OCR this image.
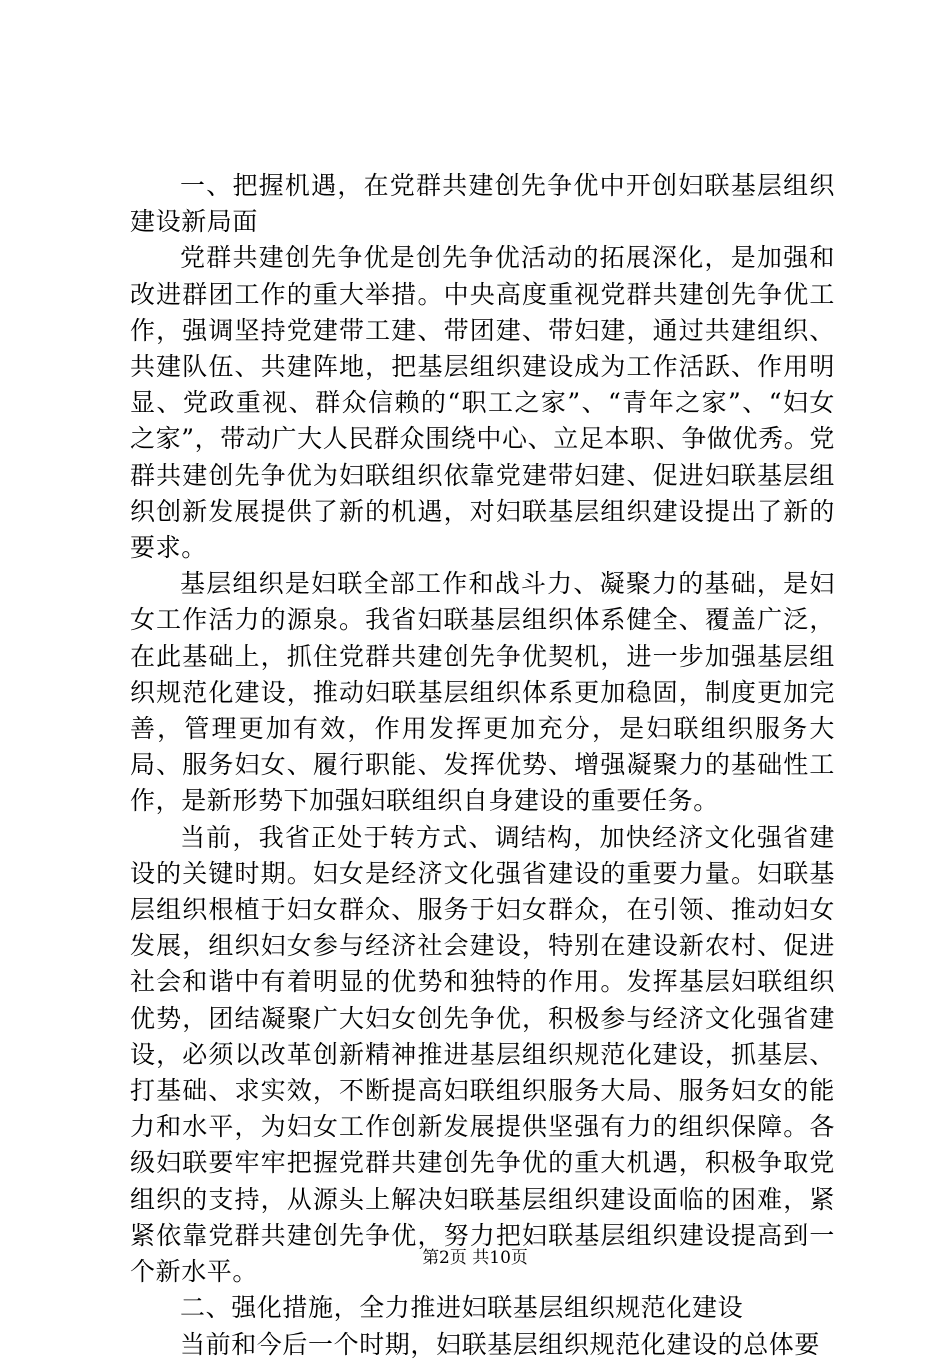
一、把握机遇，在党群共建创先争优中开创妇联基层组织建设新局面

党群共建创先争优是创先争优活动的拓展深化，是加强和改进群团工作的重大举措。中央高度重视党群共建创先争优工作，强调坚持党建带工建、带团建、带妇建，通过共建组织、共建队伍、共建阵地，把基层组织建设成为工作活跃、作用明显、党政重视、群众信赖的“职工之家”、“青年之家”、“妇女之家”，带动广大人民群众围绕中心、立足本职、争做优秀。党群共建创先争优为妇联组织依靠党建带妇建、促进妇联基层组织创新发展提供了新的机遇，对妇联基层组织建设提出了新的要求。

基层组织是妇联全部工作和战斗力、凝聚力的基础，是妇女工作活力的源泉。我省妇联基层组织体系健全、覆盖广泛，在此基础上，抓住党群共建创先争优契机，进一步加强基层组织规范化建设，推动妇联基层组织体系更加稳固，制度更加完善，管理更加有效，作用发挥更加充分，是妇联组织服务大局、服务妇女、履行职能、发挥优势、增强凝聚力的基础性工作，是新形势下加强妇联组织自身建设的重要任务。

当前，我省正处于转方式、调结构，加快经济文化强省建设的关键时期。妇女是经济文化强省建设的重要力量。妇联基层组织根植于妇女群众、服务于妇女群众，在引领、推动妇女发展，组织妇女参与经济社会建设，特别在建设新农村、促进社会和谐中有着明显的优势和独特的作用。发挥基层妇联组织优势，团结凝聚广大妇女创先争优，积极参与经济文化强省建设，必须以改革创新精神推进基层组织规范化建设，抓基层、打基础、求实效，不断提高妇联组织服务大局、服务妇女的能力和水平，为妇女工作创新发展提供坚强有力的组织保障。各级妇联要牢牢把握党群共建创先争优的重大机遇，积极争取党组织的支持，从源头上解决妇联基层组织建设面临的困难，紧紧依靠党群共建创先争优，努力把妇联基层组织建设提高到一个新水平。

二、强化措施，全力推进妇联基层组织规范化建设

当前和今后一个时期，妇联基层组织规范化建设的总体要

第2页 共10页
